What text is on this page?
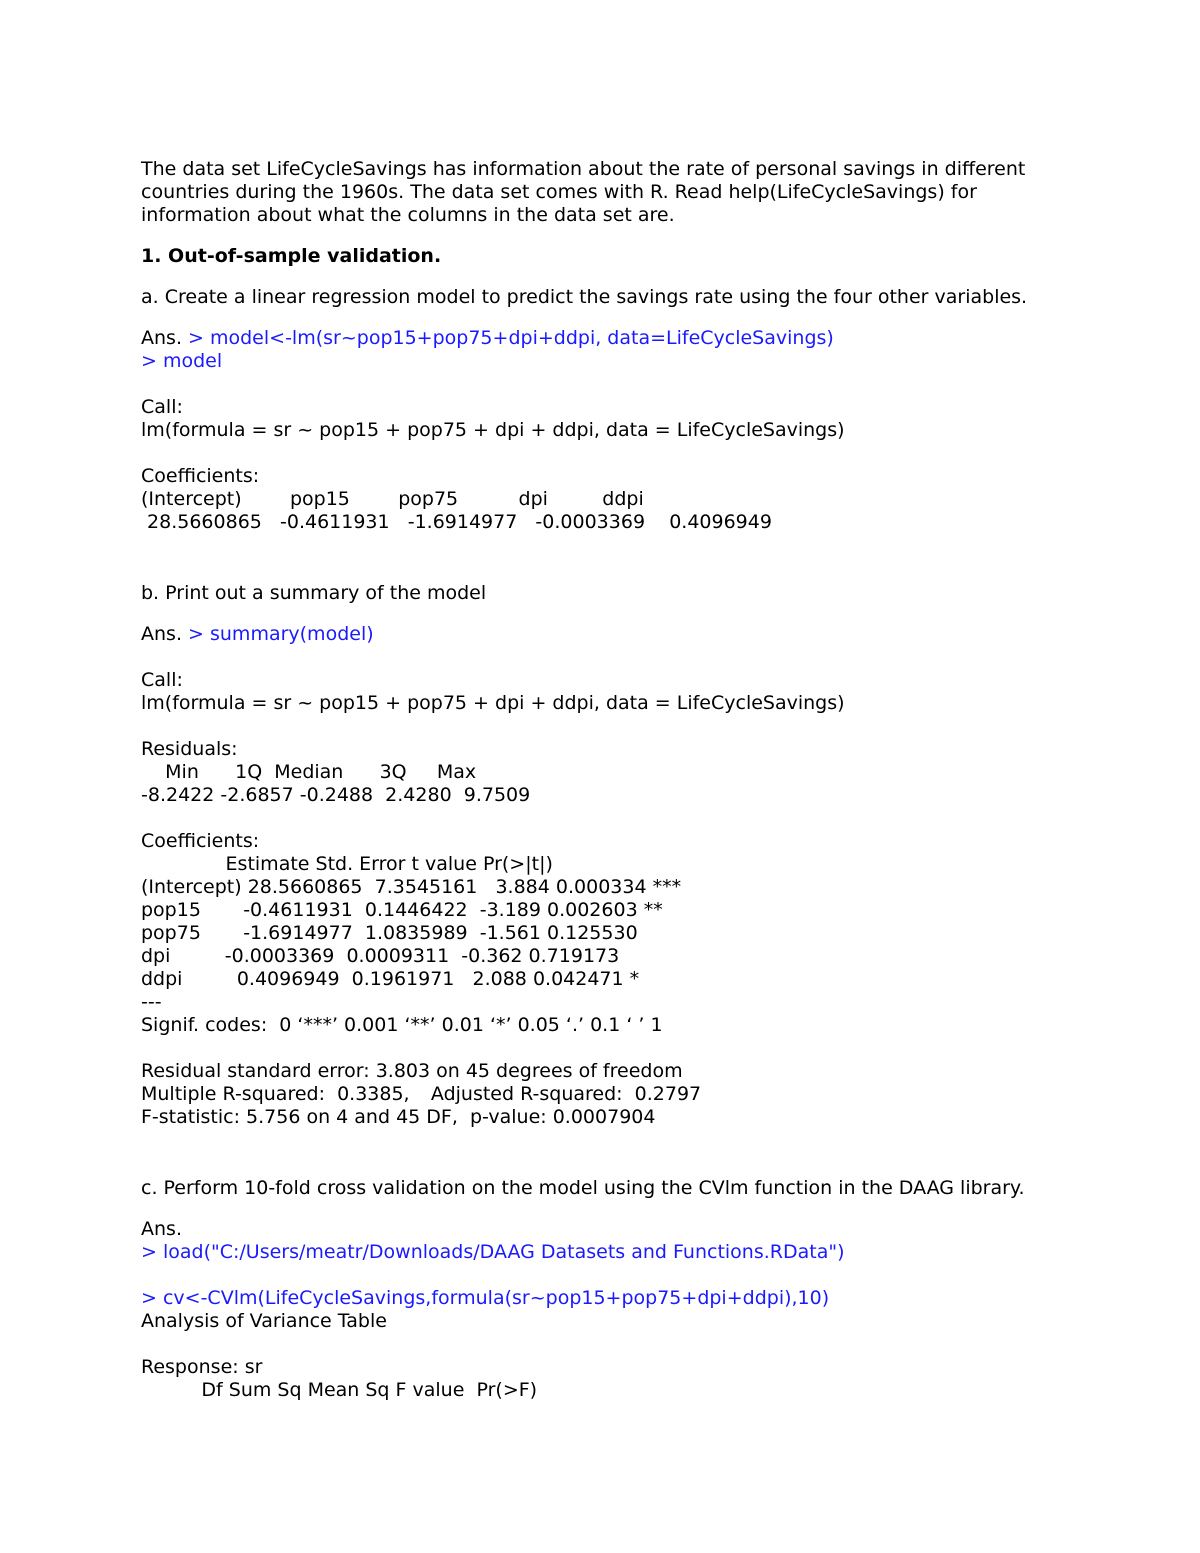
The data set LifeCycleSavings has information about the rate of personal savings in different
countries during the 1960s. The data set comes with R. Read help(LifeCycleSavings) for
information about what the columns in the data set are.
1. Out-of-sample validation.
a. Create a linear regression model to predict the savings rate using the four other variables.
Ans. > model<-lm(sr~pop15+pop75+dpi+ddpi, data=LifeCycleSavings)
> model
Call:
lm(formula = sr ~ pop15 + pop75 + dpi + ddpi, data = LifeCycleSavings)
Coefficients:
(Intercept)        pop15        pop75          dpi         ddpi
28.5660865   -0.4611931   -1.6914977   -0.0003369    0.4096949
b. Print out a summary of the model
Ans. > summary(model)
Call:
lm(formula = sr ~ pop15 + pop75 + dpi + ddpi, data = LifeCycleSavings)
Residuals:
Min      1Q  Median      3Q     Max
-8.2422 -2.6857 -0.2488  2.4280  9.7509
Coefficients:
Estimate Std. Error t value Pr(>|t|)
(Intercept) 28.5660865  7.3545161   3.884 0.000334 ***
pop15       -0.4611931  0.1446422  -3.189 0.002603 **
pop75       -1.6914977  1.0835989  -1.561 0.125530
dpi         -0.0003369  0.0009311  -0.362 0.719173
ddpi         0.4096949  0.1961971   2.088 0.042471 *
---
Signif. codes:  0 ‘***’ 0.001 ‘**’ 0.01 ‘*’ 0.05 ‘.’ 0.1 ‘ ’ 1
Residual standard error: 3.803 on 45 degrees of freedom
Multiple R-squared:  0.3385,	Adjusted R-squared:  0.2797
F-statistic: 5.756 on 4 and 45 DF,  p-value: 0.0007904
c. Perform 10-fold cross validation on the model using the CVlm function in the DAAG library.
Ans.
> load("C:/Users/meatr/Downloads/DAAG Datasets and Functions.RData")
> cv<-CVlm(LifeCycleSavings,formula(sr~pop15+pop75+dpi+ddpi),10)
Analysis of Variance Table
Response: sr
Df Sum Sq Mean Sq F value  Pr(>F)
